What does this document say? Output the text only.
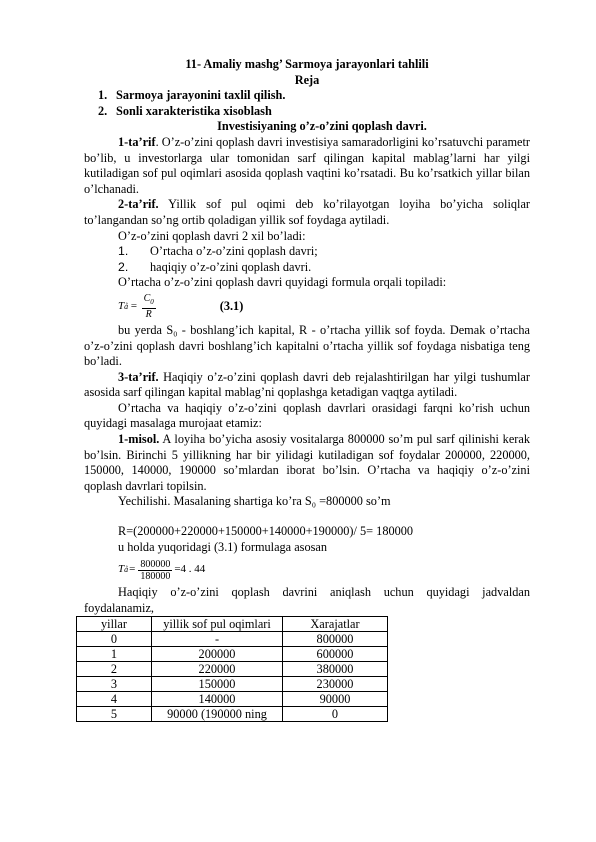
11- Amaliy mashg’ Sarmoya jarayonlari tahlili
Reja
1. Sarmoya jarayonini taxlil qilish.
2. Sonli xarakteristika xisoblash
Investisiyaning o’z-o’zini qoplash davri.

1-ta’rif. O’z-o’zini qoplash davri investisiya samaradorligini ko’rsatuvchi parametr bo’lib, u investorlarga ular tomonidan sarf qilingan kapital mablag’larni har yilgi kutiladigan sof pul oqimlari asosida qoplash vaqtini ko’rsatadi. Bu ko’rsatkich yillar bilan o’lchanadi.

2-ta’rif. Yillik sof pul oqimi deb ko’rilayotgan loyiha bo’yicha soliqlar to’langandan so’ng ortib qoladigan yillik sof foydaga aytiladi.

O’z-o’zini qoplash davri 2 xil bo’ladi:

1.	O’rtacha o’z-o’zini qoplash davri;
2.	haqiqiy o’z-o’zini qoplash davri.

O’rtacha o’z-o’zini qoplash davri quyidagi formula orqali topiladi:

T å = $\frac{C_0}{R}$	(3.1)

bu yerda S₀ - boshlang’ich kapital, R - o’rtacha yillik sof foyda. Demak o’rtacha o’z-o’zini qoplash davri boshlang’ich kapitalni o’rtacha yillik sof foydaga nisbatiga teng bo’ladi.

3-ta’rif. Haqiqiy o’z-o’zini qoplash davri deb rejalashtirilgan har yilgi tushumlar asosida sarf qilingan kapital mablag’ni qoplashga ketadigan vaqtga aytiladi.

O’rtacha va haqiqiy o’z-o’zini qoplash davrlari orasidagi farqni ko’rish uchun quyidagi masalaga murojaat etamiz:

1-misol. A loyiha bo’yicha asosiy vositalarga 800000 so’m pul sarf qilinishi kerak bo’lsin. Birinchi 5 yillikning har bir yilidagi kutiladigan sof foydalar 200000, 220000, 150000, 140000, 190000 so’mlardan iborat bo’lsin. O’rtacha va haqiqiy o’z-o’zini qoplash davrlari topilsin.

Yechilishi. Masalaning shartiga ko’ra S₀ =800000 so’m

R=(200000+220000+150000+140000+190000)/ 5= 180000
u holda yuqoridagi (3.1) formulaga asosan
T å = $\frac{800000}{180000} =4$ . 44

Haqiqiy o’z-o’zini qoplash davrini aniqlash uchun quyidagi jadvaldan foydalanamiz,

yillar	yillik sof pul oqimlari	Xarajatlar
0	-	800000
1	200000	600000
2	220000	380000
3	150000	230000
4	140000	90000
5	90000 (190000 ning	0
